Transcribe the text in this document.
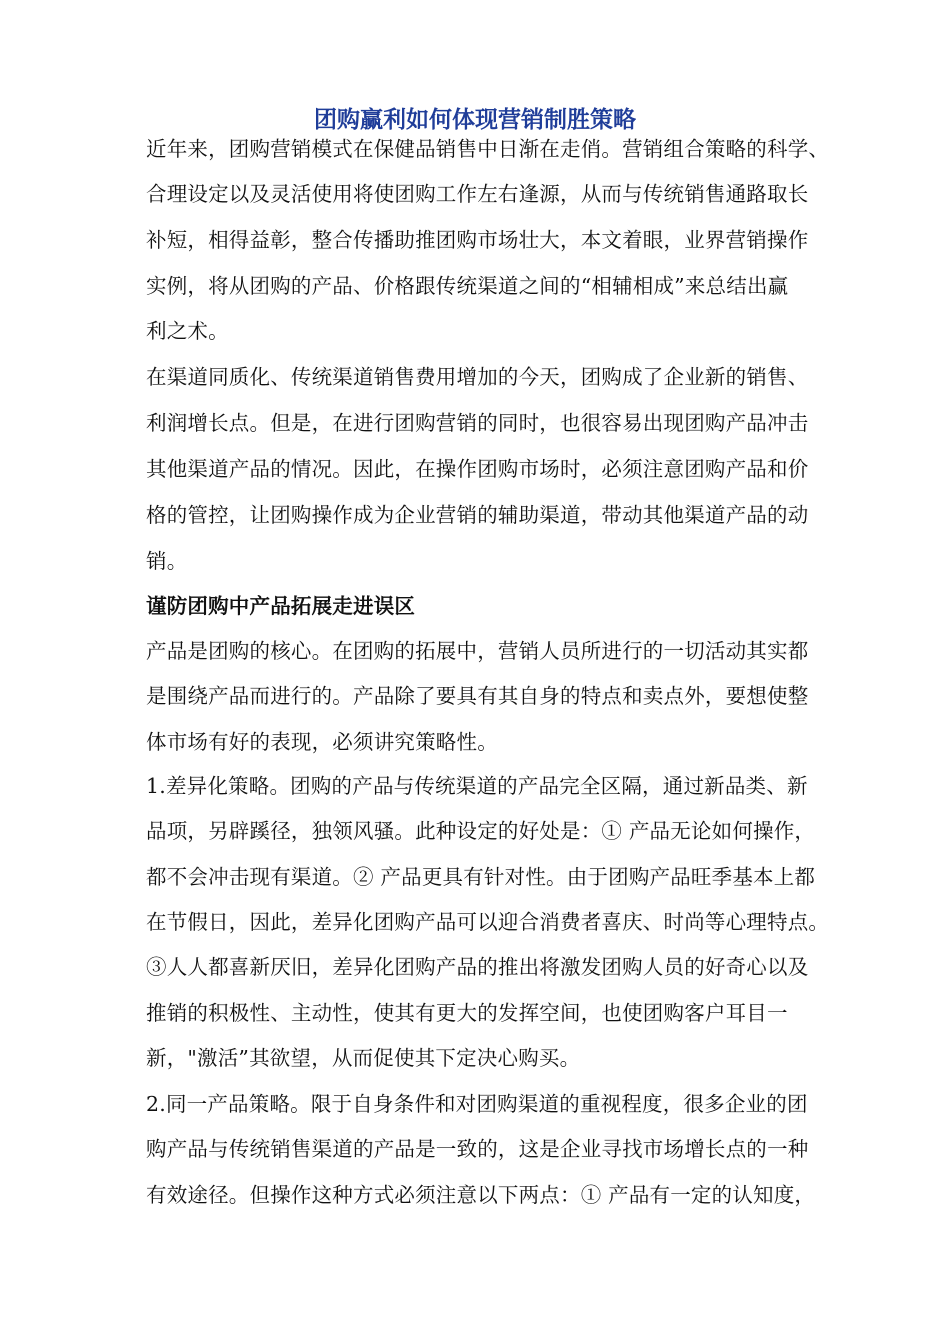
团购赢利如何体现营销制胜策略
近年来，团购营销模式在保健品销售中日渐在走俏。营销组合策略的科学、
合理设定以及灵活使用将使团购工作左右逢源，从而与传统销售通路取长
补短，相得益彰，整合传播助推团购市场壮大，本文着眼，业界营销操作
实例，将从团购的产品、价格跟传统渠道之间的“相辅相成”来总结出赢
利之术。
在渠道同质化、传统渠道销售费用增加的今天，团购成了企业新的销售、
利润增长点。但是，在进行团购营销的同时，也很容易出现团购产品冲击
其他渠道产品的情况。因此，在操作团购市场时，必须注意团购产品和价
格的管控，让团购操作成为企业营销的辅助渠道，带动其他渠道产品的动
销。
谨防团购中产品拓展走进误区
产品是团购的核心。在团购的拓展中，营销人员所进行的一切活动其实都
是围绕产品而进行的。产品除了要具有其自身的特点和卖点外，要想使整
体市场有好的表现，必须讲究策略性。
1.差异化策略。团购的产品与传统渠道的产品完全区隔，通过新品类、新
品项，另辟蹊径，独领风骚。此种设定的好处是：① 产品无论如何操作，
都不会冲击现有渠道。② 产品更具有针对性。由于团购产品旺季基本上都
在节假日，因此，差异化团购产品可以迎合消费者喜庆、时尚等心理特点。
③人人都喜新厌旧，差异化团购产品的推出将激发团购人员的好奇心以及
推销的积极性、主动性，使其有更大的发挥空间，也使团购客户耳目一
新，"激活”其欲望，从而促使其下定决心购买。
2.同一产品策略。限于自身条件和对团购渠道的重视程度，很多企业的团
购产品与传统销售渠道的产品是一致的，这是企业寻找市场增长点的一种
有效途径。但操作这种方式必须注意以下两点：① 产品有一定的认知度，
